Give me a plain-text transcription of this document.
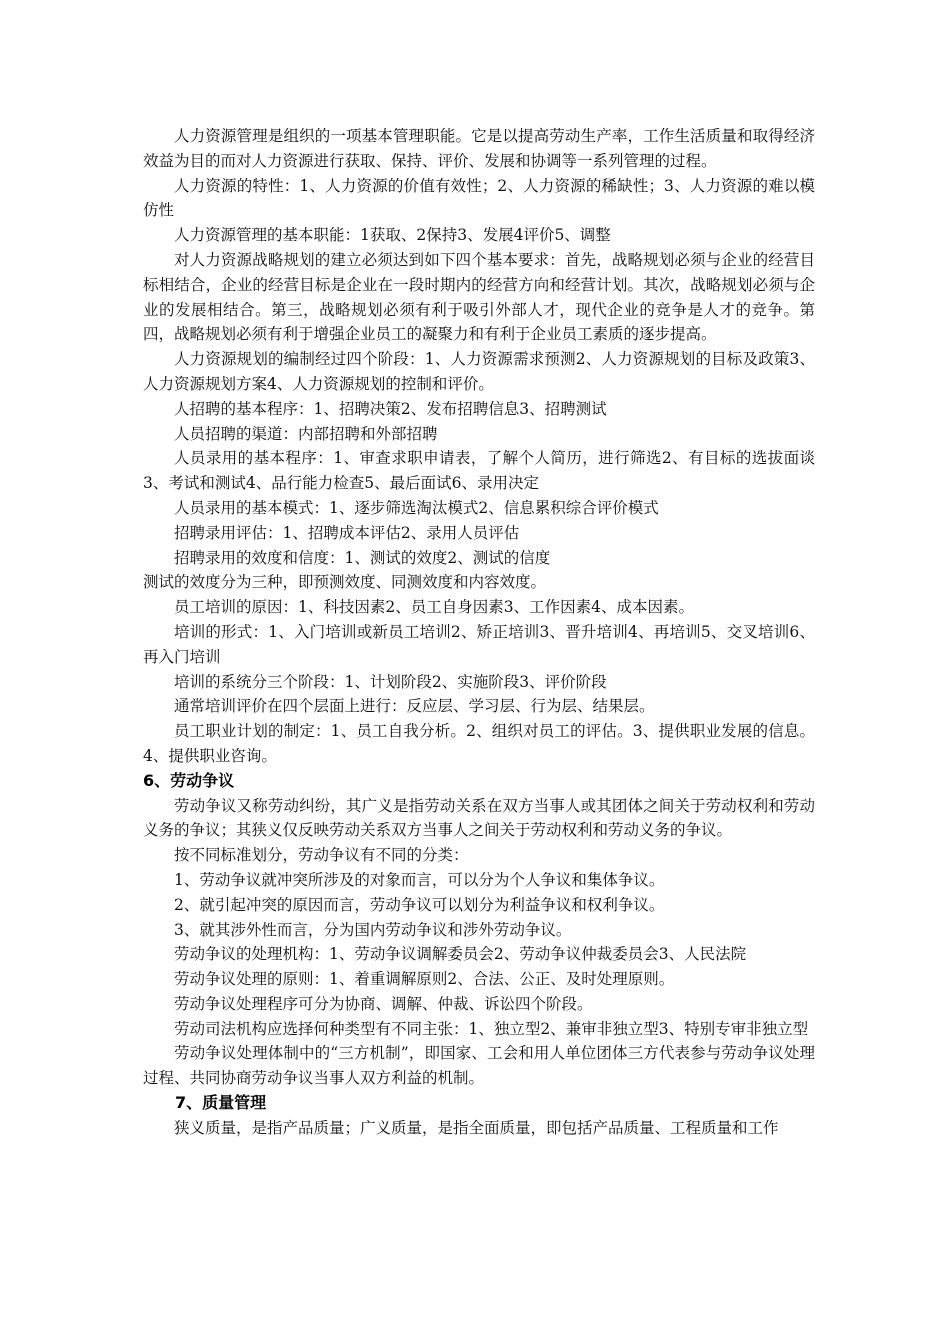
人力资源管理是组织的一项基本管理职能。它是以提高劳动生产率，工作生活质量和取得经济效益为目的而对人力资源进行获取、保持、评价、发展和协调等一系列管理的过程。

人力资源的特性：1、人力资源的价值有效性；2、人力资源的稀缺性；3、人力资源的难以模仿性

人力资源管理的基本职能：1获取、2保持3、发展4评价5、调整

对人力资源战略规划的建立必须达到如下四个基本要求：首先，战略规划必须与企业的经营目标相结合，企业的经营目标是企业在一段时期内的经营方向和经营计划。其次，战略规划必须与企业的发展相结合。第三，战略规划必须有利于吸引外部人才，现代企业的竞争是人才的竞争。第四，战略规划必须有利于增强企业员工的凝聚力和有利于企业员工素质的逐步提高。

人力资源规划的编制经过四个阶段：1、人力资源需求预测2、人力资源规划的目标及政策3、人力资源规划方案4、人力资源规划的控制和评价。

人招聘的基本程序：1、招聘决策2、发布招聘信息3、招聘测试

人员招聘的渠道：内部招聘和外部招聘

人员录用的基本程序：1、审查求职申请表，了解个人简历，进行筛选2、有目标的选拔面谈3、考试和测试4、品行能力检查5、最后面试6、录用决定

人员录用的基本模式：1、逐步筛选淘汰模式2、信息累积综合评价模式

招聘录用评估：1、招聘成本评估2、录用人员评估

招聘录用的效度和信度：1、测试的效度2、测试的信度

测试的效度分为三种，即预测效度、同测效度和内容效度。

员工培训的原因：1、科技因素2、员工自身因素3、工作因素4、成本因素。

培训的形式：1、入门培训或新员工培训2、矫正培训3、晋升培训4、再培训5、交叉培训6、再入门培训

培训的系统分三个阶段：1、计划阶段2、实施阶段3、评价阶段

通常培训评价在四个层面上进行：反应层、学习层、行为层、结果层。

员工职业计划的制定：1、员工自我分析。2、组织对员工的评估。3、提供职业发展的信息。4、提供职业咨询。

6、劳动争议

劳动争议又称劳动纠纷，其广义是指劳动关系在双方当事人或其团体之间关于劳动权利和劳动义务的争议；其狭义仅反映劳动关系双方当事人之间关于劳动权利和劳动义务的争议。

按不同标准划分，劳动争议有不同的分类：

1、劳动争议就冲突所涉及的对象而言，可以分为个人争议和集体争议。

2、就引起冲突的原因而言，劳动争议可以划分为利益争议和权利争议。

3、就其涉外性而言，分为国内劳动争议和涉外劳动争议。

劳动争议的处理机构：1、劳动争议调解委员会2、劳动争议仲裁委员会3、人民法院

劳动争议处理的原则：1、着重调解原则2、合法、公正、及时处理原则。

劳动争议处理程序可分为协商、调解、仲裁、诉讼四个阶段。

劳动司法机构应选择何种类型有不同主张：1、独立型2、兼审非独立型3、特别专审非独立型

劳动争议处理体制中的“三方机制”，即国家、工会和用人单位团体三方代表参与劳动争议处理过程、共同协商劳动争议当事人双方利益的机制。

7、质量管理

狭义质量，是指产品质量；广义质量，是指全面质量，即包括产品质量、工程质量和工作
